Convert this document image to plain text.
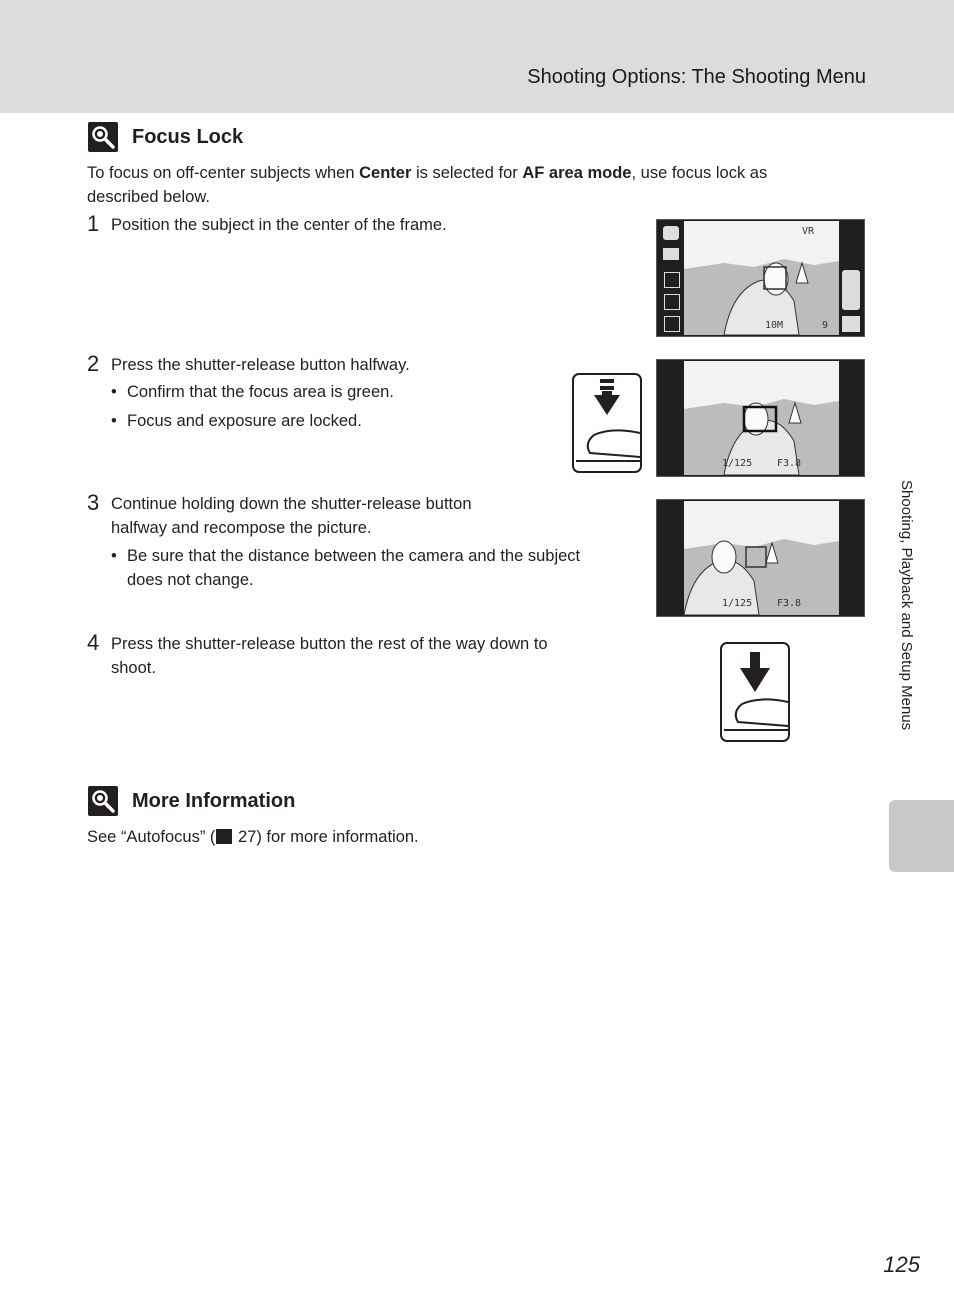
Shooting Options: The Shooting Menu
Focus Lock
To focus on off-center subjects when Center is selected for AF area mode, use focus lock as
described below.
1 Position the subject in the center of the frame.
2 Press the shutter-release button halfway.
• Confirm that the focus area is green.
• Focus and exposure are locked.
3 Continue holding down the shutter-release button
halfway and recompose the picture.
• Be sure that the distance between the camera and the subject
does not change.
4 Press the shutter-release button the rest of the way down to
shoot.
VR
10M	9
1/125 F3.8
1/125 F3.8
More Information
See “Autofocus” ( 27) for more information.
Shooting, Playback and Setup Menus
125
